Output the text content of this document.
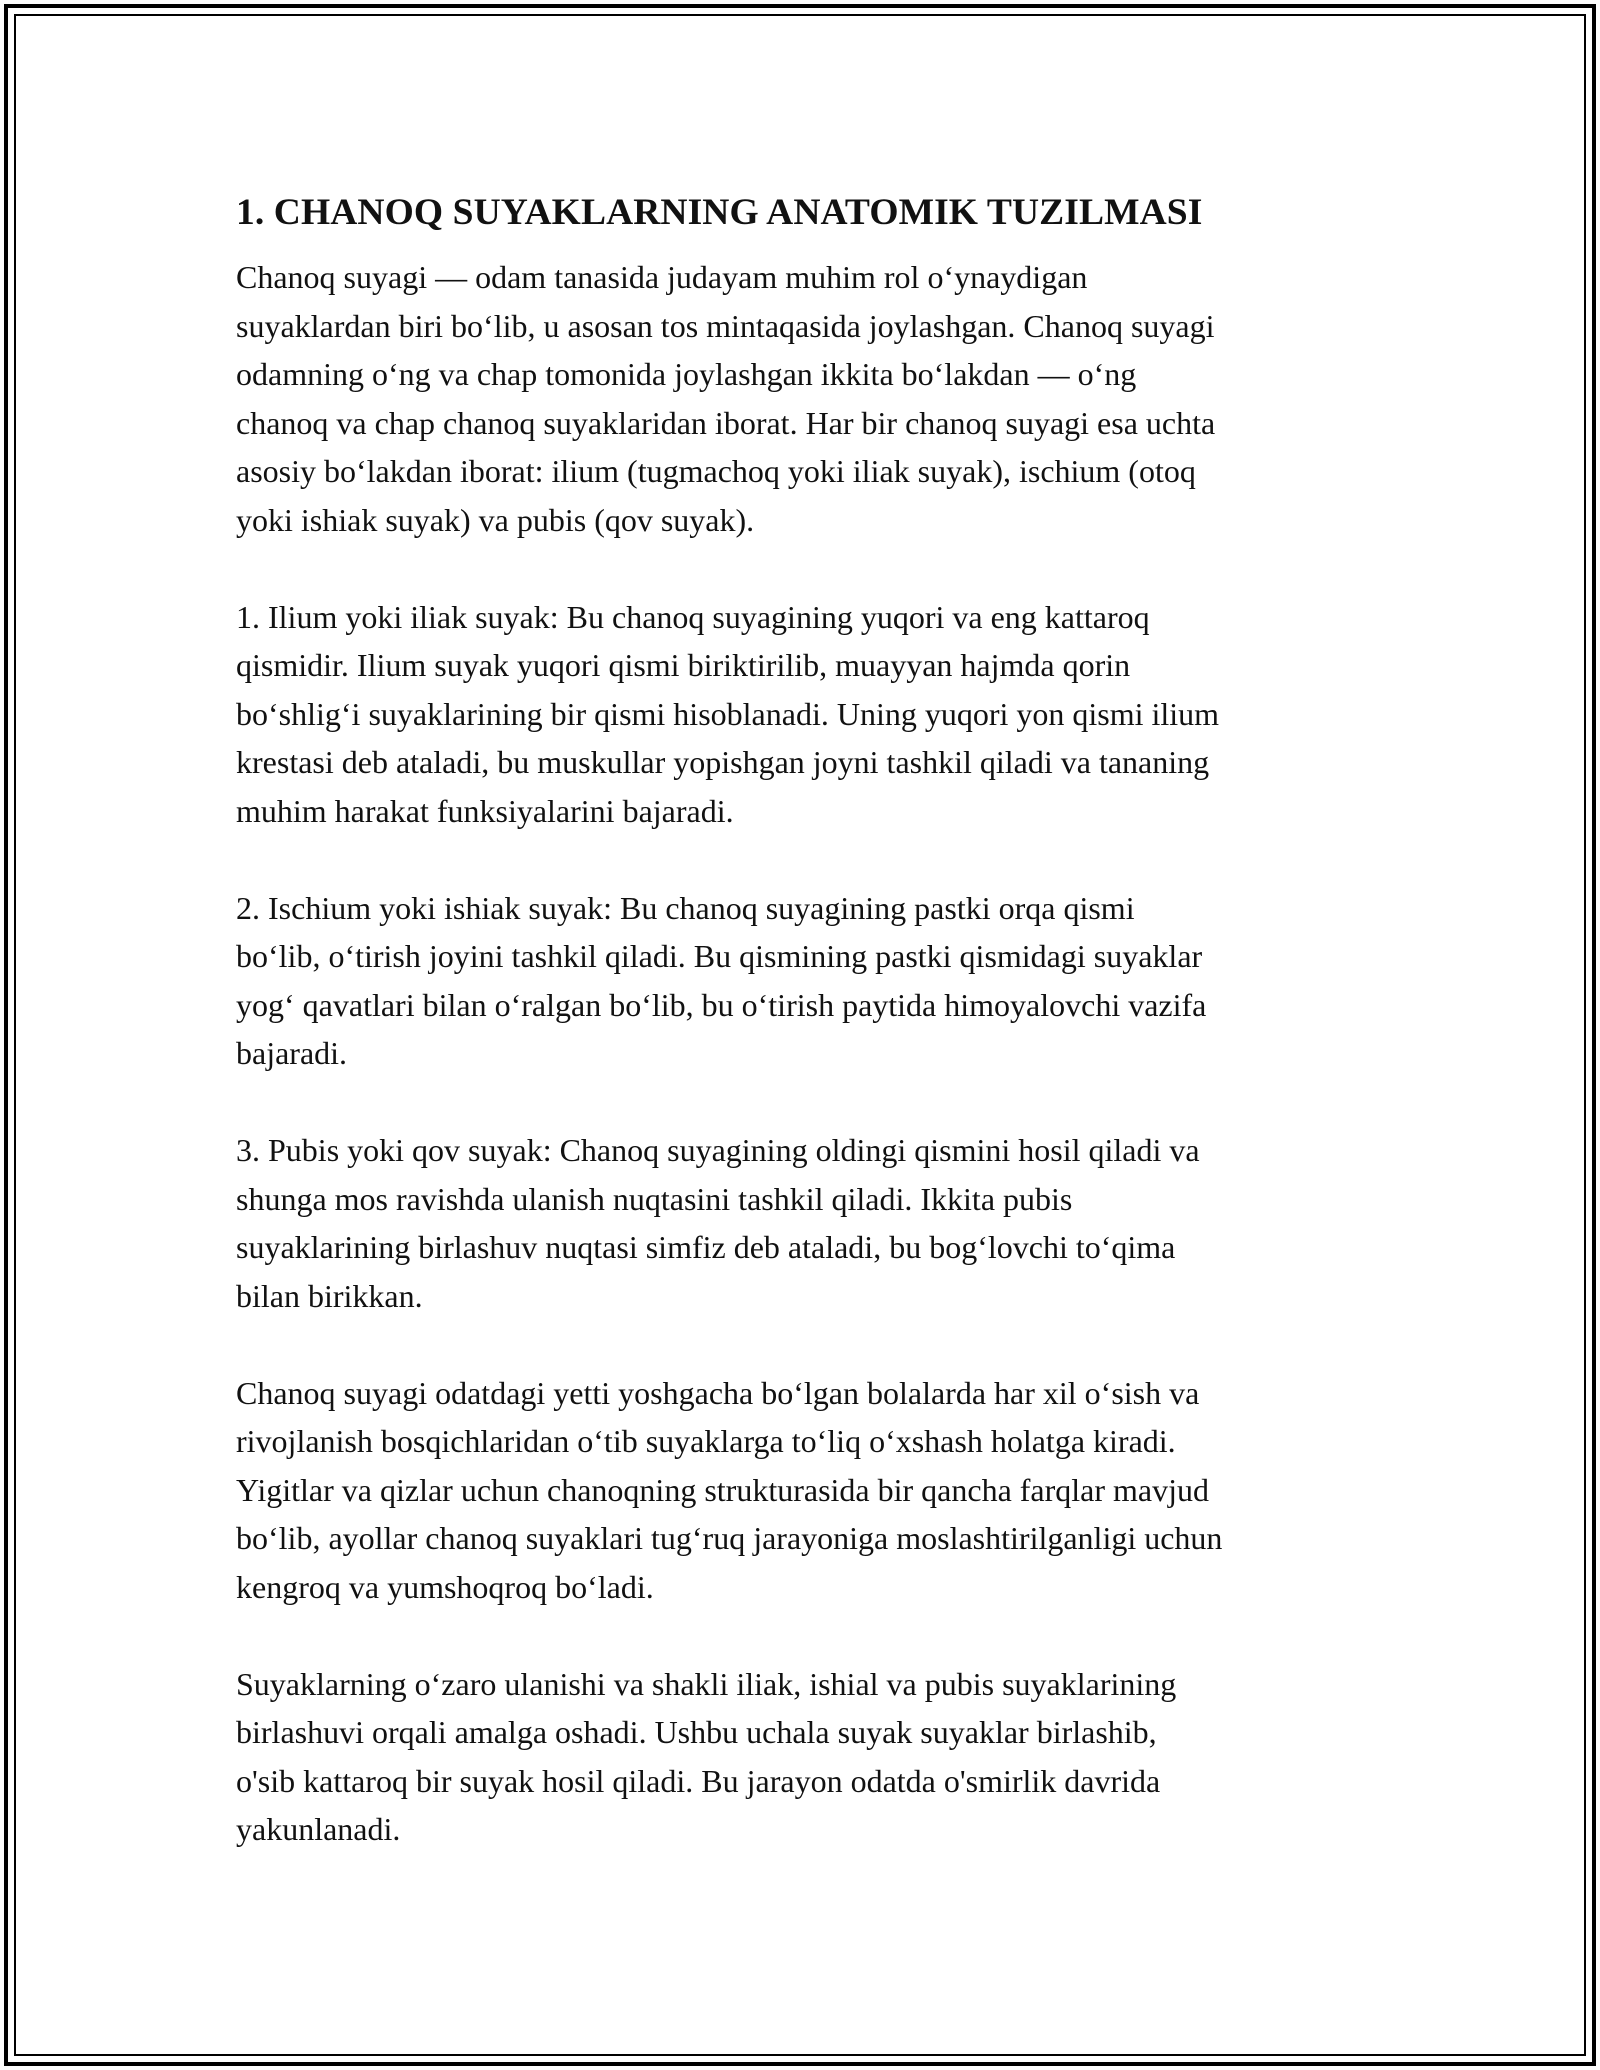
1. CHANOQ SUYAKLARNING ANATOMIK TUZILMASI

Chanoq suyagi — odam tanasida judayam muhim rol o‘ynaydigan
suyaklardan biri bo‘lib, u asosan tos mintaqasida joylashgan. Chanoq suyagi
odamning o‘ng va chap tomonida joylashgan ikkita bo‘lakdan — o‘ng
chanoq va chap chanoq suyaklaridan iborat. Har bir chanoq suyagi esa uchta
asosiy bo‘lakdan iborat: ilium (tugmachoq yoki iliak suyak), ischium (otoq
yoki ishiak suyak) va pubis (qov suyak).

1. Ilium yoki iliak suyak: Bu chanoq suyagining yuqori va eng kattaroq
qismidir. Ilium suyak yuqori qismi biriktirilib, muayyan hajmda qorin
bo‘shlig‘i suyaklarining bir qismi hisoblanadi. Uning yuqori yon qismi ilium
krestasi deb ataladi, bu muskullar yopishgan joyni tashkil qiladi va tananing
muhim harakat funksiyalarini bajaradi.

2. Ischium yoki ishiak suyak: Bu chanoq suyagining pastki orqa qismi
bo‘lib, o‘tirish joyini tashkil qiladi. Bu qismining pastki qismidagi suyaklar
yog‘ qavatlari bilan o‘ralgan bo‘lib, bu o‘tirish paytida himoyalovchi vazifa
bajaradi.

3. Pubis yoki qov suyak: Chanoq suyagining oldingi qismini hosil qiladi va
shunga mos ravishda ulanish nuqtasini tashkil qiladi. Ikkita pubis
suyaklarining birlashuv nuqtasi simfiz deb ataladi, bu bog‘lovchi to‘qima
bilan birikkan.

Chanoq suyagi odatdagi yetti yoshgacha bo‘lgan bolalarda har xil o‘sish va
rivojlanish bosqichlaridan o‘tib suyaklarga to‘liq o‘xshash holatga kiradi.
Yigitlar va qizlar uchun chanoqning strukturasida bir qancha farqlar mavjud
bo‘lib, ayollar chanoq suyaklari tug‘ruq jarayoniga moslashtirilganligi uchun
kengroq va yumshoqroq bo‘ladi.

Suyaklarning o‘zaro ulanishi va shakli iliak, ishial va pubis suyaklarining
birlashuvi orqali amalga oshadi. Ushbu uchala suyak suyaklar birlashib,
o'sib kattaroq bir suyak hosil qiladi. Bu jarayon odatda o'smirlik davrida
yakunlanadi.
